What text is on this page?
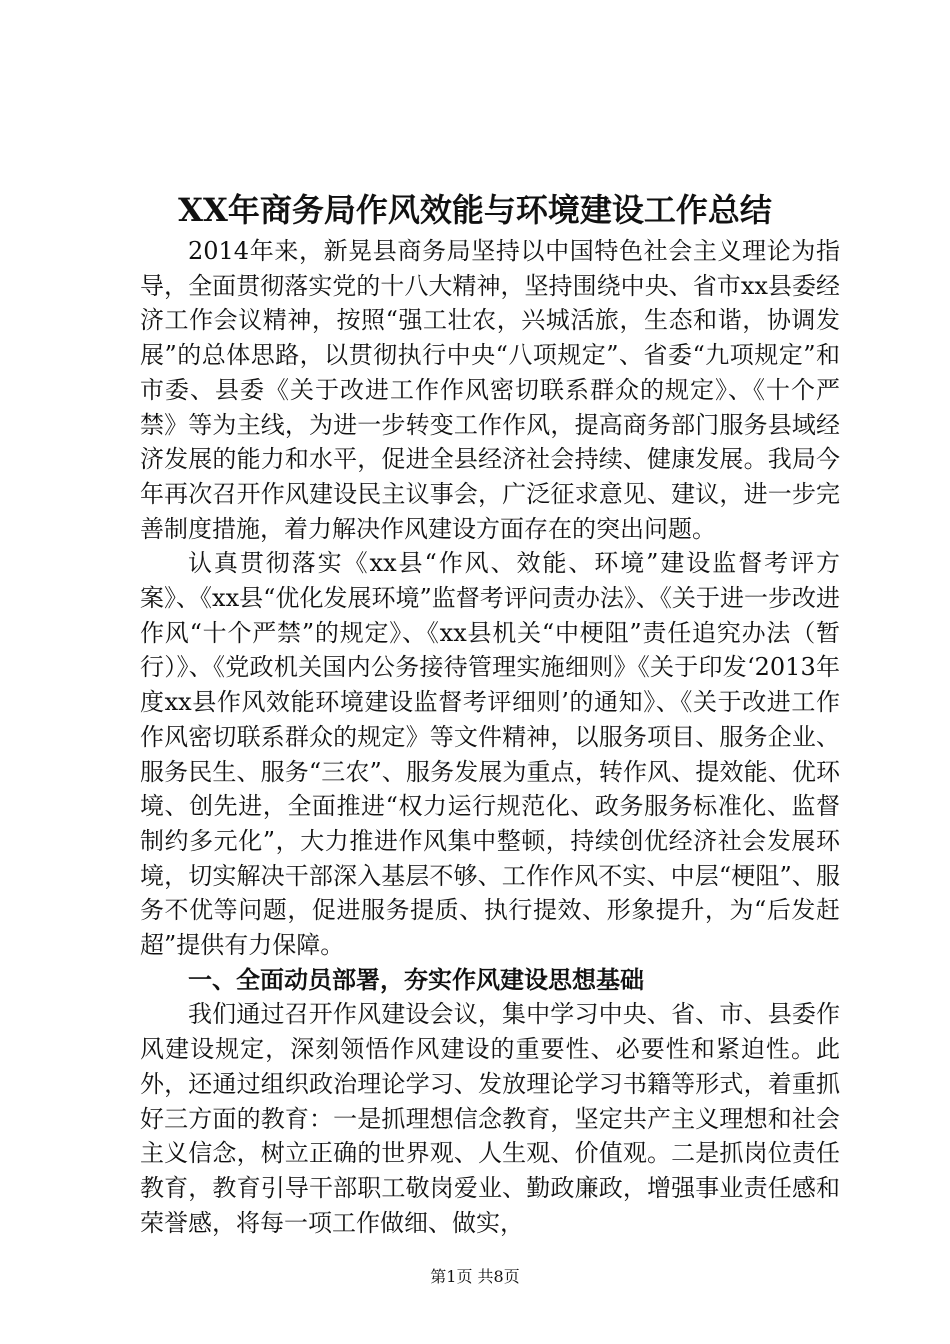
XX年商务局作风效能与环境建设工作总结

2014年来，新晃县商务局坚持以中国特色社会主义理论为指导，全面贯彻落实党的十八大精神，坚持围绕中央、省市xx县委经济工作会议精神，按照“强工壮农，兴城活旅，生态和谐，协调发展”的总体思路，以贯彻执行中央“八项规定”、省委“九项规定”和市委、县委《关于改进工作作风密切联系群众的规定》、《十个严禁》等为主线，为进一步转变工作作风，提高商务部门服务县域经济发展的能力和水平，促进全县经济社会持续、健康发展。我局今年再次召开作风建设民主议事会，广泛征求意见、建议，进一步完善制度措施，着力解决作风建设方面存在的突出问题。

认真贯彻落实《xx县“作风、效能、环境”建设监督考评方案》、《xx县“优化发展环境”监督考评问责办法》、《关于进一步改进作风“十个严禁”的规定》、《xx县机关“中梗阻”责任追究办法（暂行）》、《党政机关国内公务接待管理实施细则》《关于印发‘2013年度xx县作风效能环境建设监督考评细则’的通知》、《关于改进工作作风密切联系群众的规定》等文件精神，以服务项目、服务企业、服务民生、服务“三农”、服务发展为重点，转作风、提效能、优环境、创先进，全面推进“权力运行规范化、政务服务标准化、监督制约多元化”，大力推进作风集中整顿，持续创优经济社会发展环境，切实解决干部深入基层不够、工作作风不实、中层“梗阻”、服务不优等问题，促进服务提质、执行提效、形象提升，为“后发赶超”提供有力保障。

一、全面动员部署，夯实作风建设思想基础

我们通过召开作风建设会议，集中学习中央、省、市、县委作风建设规定，深刻领悟作风建设的重要性、必要性和紧迫性。此外，还通过组织政治理论学习、发放理论学习书籍等形式，着重抓好三方面的教育：一是抓理想信念教育，坚定共产主义理想和社会主义信念，树立正确的世界观、人生观、价值观。二是抓岗位责任教育，教育引导干部职工敬岗爱业、勤政廉政，增强事业责任感和荣誉感，将每一项工作做细、做实，

第1页 共8页
